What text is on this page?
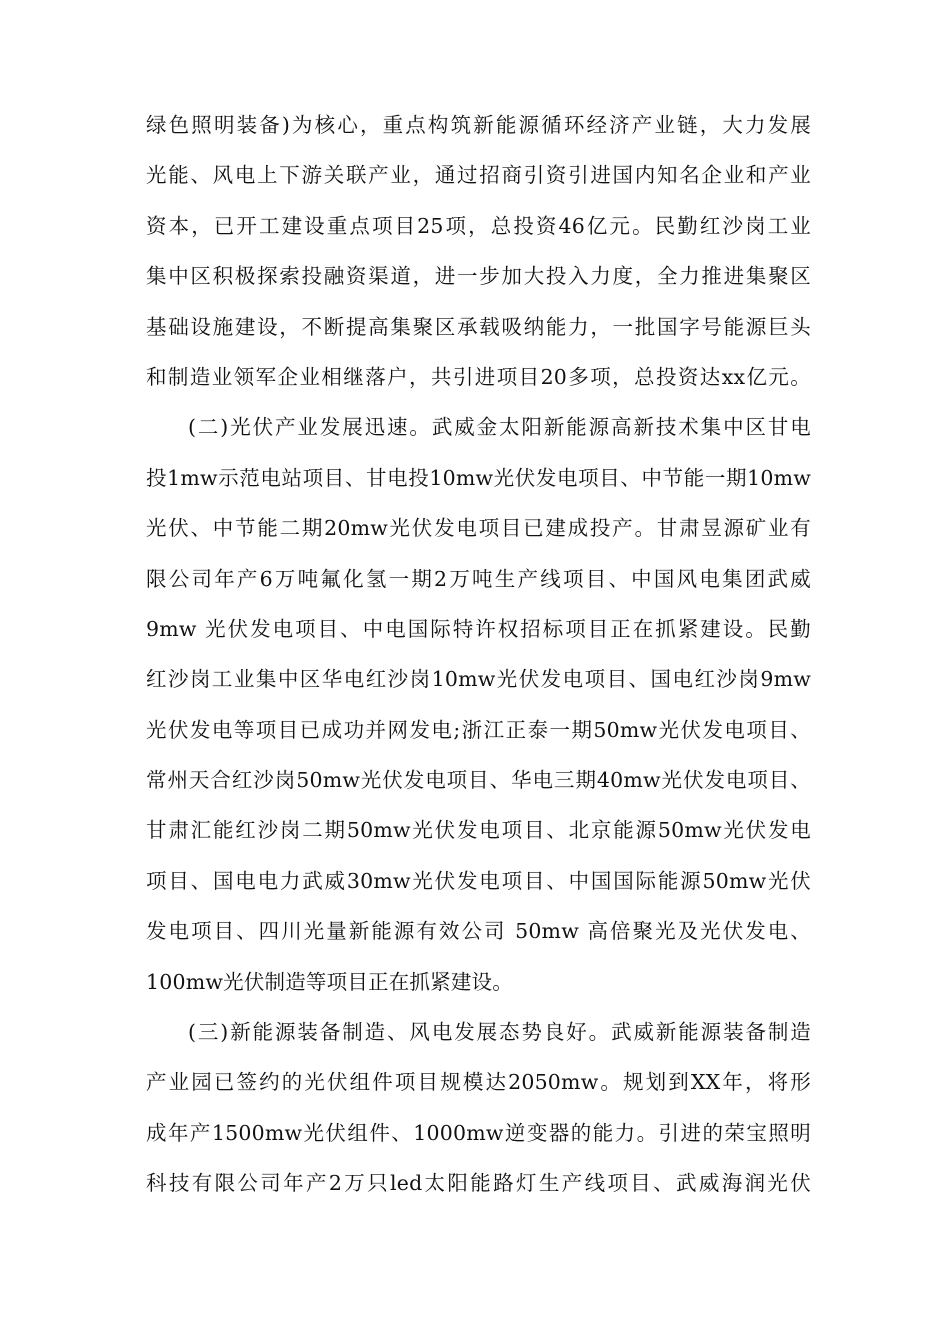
绿色照明装备)为核心，重点构筑新能源循环经济产业链，大力发展
光能、风电上下游关联产业，通过招商引资引进国内知名企业和产业
资本，已开工建设重点项目25项，总投资46亿元。民勤红沙岗工业
集中区积极探索投融资渠道，进一步加大投入力度，全力推进集聚区
基础设施建设，不断提高集聚区承载吸纳能力，一批国字号能源巨头
和制造业领军企业相继落户，共引进项目20多项，总投资达xx亿元。
(二)光伏产业发展迅速。武威金太阳新能源高新技术集中区甘电
投1mw示范电站项目、甘电投10mw光伏发电项目、中节能一期10mw
光伏、中节能二期20mw光伏发电项目已建成投产。甘肃昱源矿业有
限公司年产6万吨氟化氢一期2万吨生产线项目、中国风电集团武威
9mw 光伏发电项目、中电国际特许权招标项目正在抓紧建设。民勤
红沙岗工业集中区华电红沙岗10mw光伏发电项目、国电红沙岗9mw
光伏发电等项目已成功并网发电;浙江正泰一期50mw光伏发电项目、
常州天合红沙岗50mw光伏发电项目、华电三期40mw光伏发电项目、
甘肃汇能红沙岗二期50mw光伏发电项目、北京能源50mw光伏发电
项目、国电电力武威30mw光伏发电项目、中国国际能源50mw光伏
发电项目、四川光量新能源有效公司 50mw 高倍聚光及光伏发电、
100mw光伏制造等项目正在抓紧建设。
(三)新能源装备制造、风电发展态势良好。武威新能源装备制造
产业园已签约的光伏组件项目规模达2050mw。规划到XX年，将形
成年产1500mw光伏组件、1000mw逆变器的能力。引进的荣宝照明
科技有限公司年产2万只led太阳能路灯生产线项目、武威海润光伏
